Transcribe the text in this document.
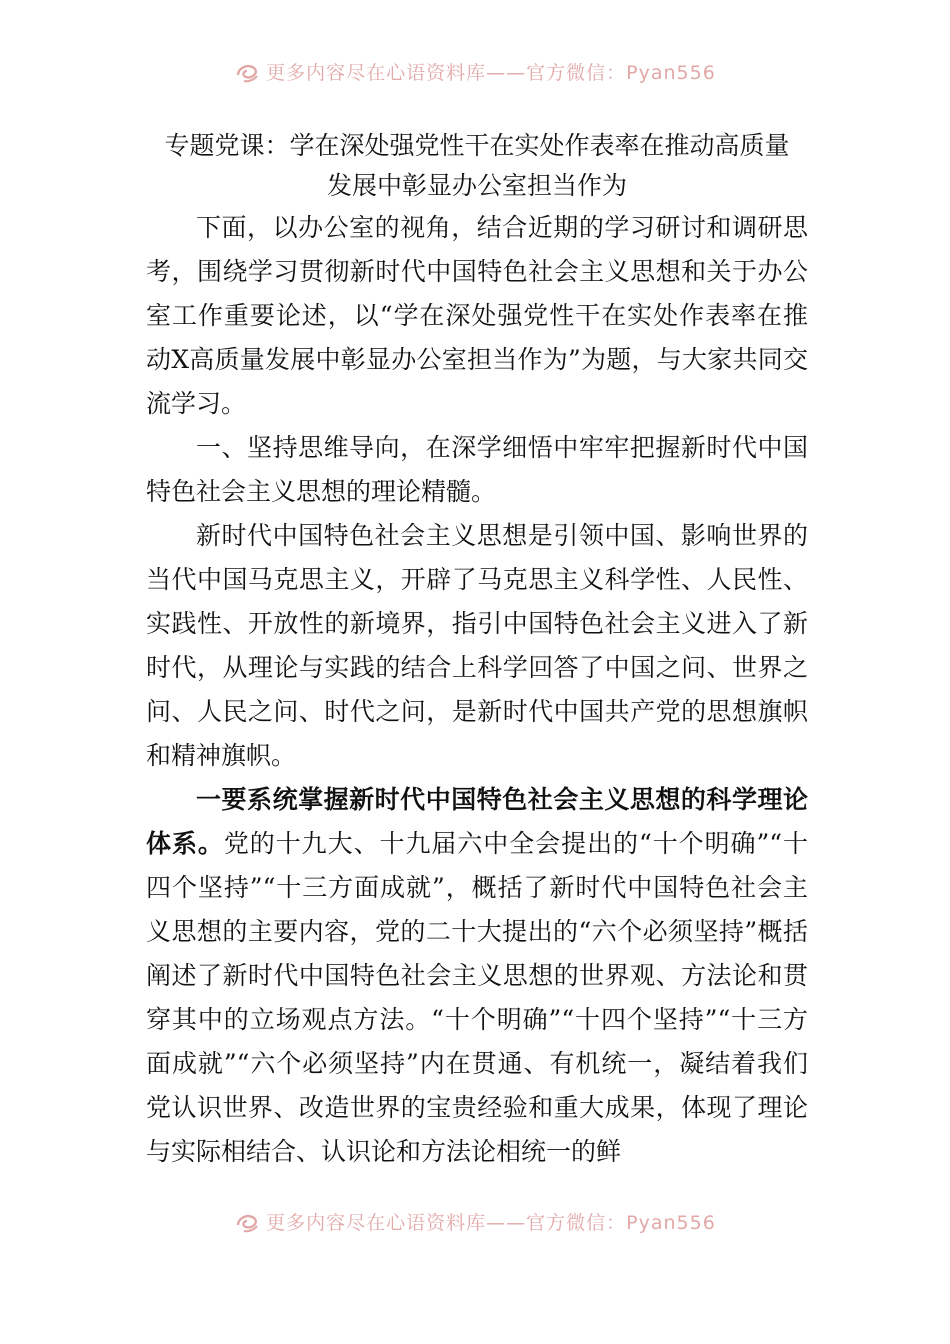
更多内容尽在心语资料库——官方微信：Pyan556
专题党课：学在深处强党性干在实处作表率在推动高质量
发展中彰显办公室担当作为

下面，以办公室的视角，结合近期的学习研讨和调研思考，围绕学习贯彻新时代中国特色社会主义思想和关于办公室工作重要论述，以“学在深处强党性干在实处作表率在推动X高质量发展中彰显办公室担当作为”为题，与大家共同交流学习。

一、坚持思维导向，在深学细悟中牢牢把握新时代中国特色社会主义思想的理论精髓。

新时代中国特色社会主义思想是引领中国、影响世界的当代中国马克思主义，开辟了马克思主义科学性、人民性、实践性、开放性的新境界，指引中国特色社会主义进入了新时代，从理论与实践的结合上科学回答了中国之问、世界之问、人民之问、时代之问，是新时代中国共产党的思想旗帜和精神旗帜。

一要系统掌握新时代中国特色社会主义思想的科学理论体系。党的十九大、十九届六中全会提出的“十个明确”“十四个坚持”“十三方面成就”，概括了新时代中国特色社会主义思想的主要内容，党的二十大提出的“六个必须坚持”概括阐述了新时代中国特色社会主义思想的世界观、方法论和贯穿其中的立场观点方法。“十个明确”“十四个坚持”“十三方面成就”“六个必须坚持”内在贯通、有机统一，凝结着我们党认识世界、改造世界的宝贵经验和重大成果，体现了理论与实际相结合、认识论和方法论相统一的鲜

更多内容尽在心语资料库——官方微信：Pyan556
